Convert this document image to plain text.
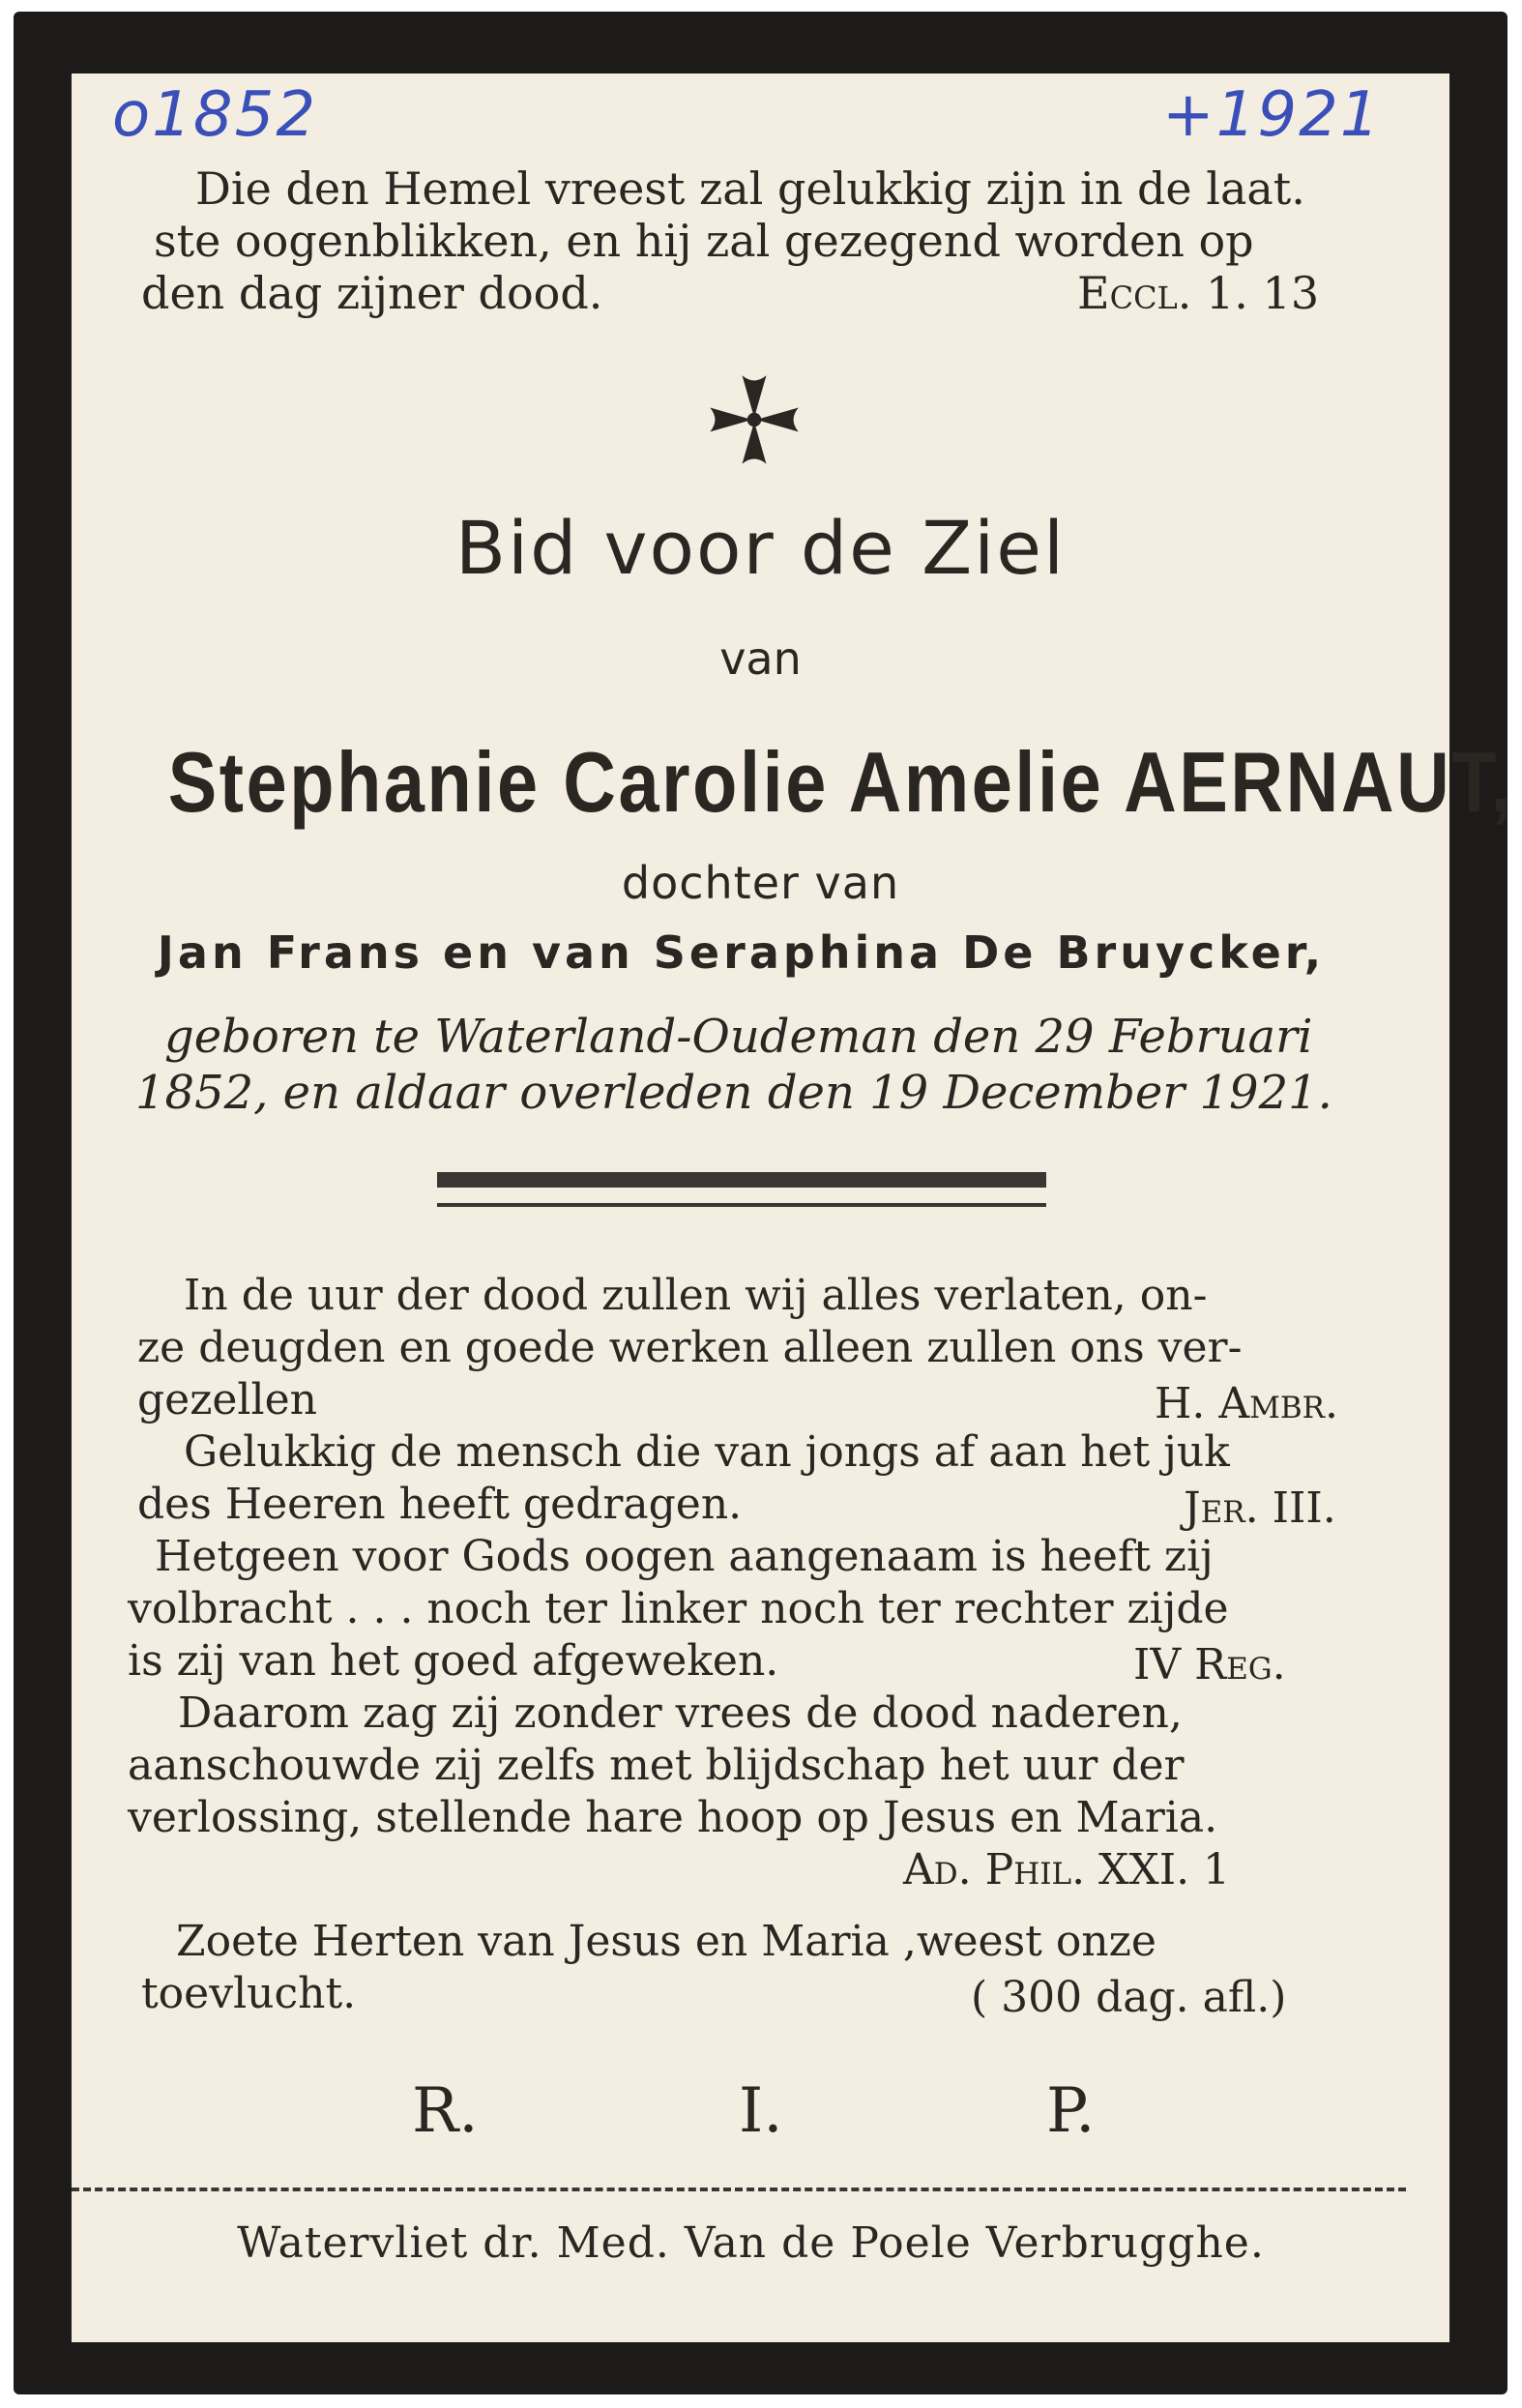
o1852	+1921
Die den Hemel vreest zal gelukkig zijn in de laat.
ste oogenblikken, en hij zal gezegend worden op
den dag zijner dood.	Eccl. 1. 13
Bid voor de Ziel
van
Stephanie Carolie Amelie AERNAUT,
dochter van
Jan Frans en van Seraphina De Bruycker,
geboren te Waterland-Oudeman den 29 Februari
1852, en aldaar overleden den 19 December 1921.
In de uur der dood zullen wij alles verlaten, on-
ze deugden en goede werken alleen zullen ons ver-
gezellen	H. Ambr.
Gelukkig de mensch die van jongs af aan het juk
des Heeren heeft gedragen.	Jer. III.
Hetgeen voor Gods oogen aangenaam is heeft zij
volbracht . . . noch ter linker noch ter rechter zijde
is zij van het goed afgeweken.	IV Reg.
Daarom zag zij zonder vrees de dood naderen,
aanschouwde zij zelfs met blijdschap het uur der
verlossing, stellende hare hoop op Jesus en Maria.
Ad. Phil. XXI. 1
Zoete Herten van Jesus en Maria ,weest onze
toevlucht.	( 300 dag. afl.)
R.	I.	P.
Watervliet dr. Med. Van de Poele Verbrugghe.
